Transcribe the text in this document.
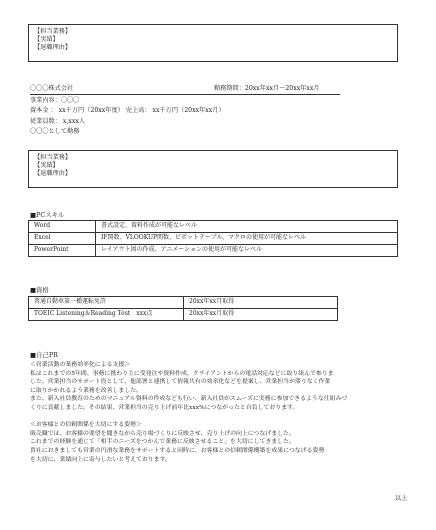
【担当業務】
【実績】
【退職理由】
〇〇〇株式会社	勤務期間：20xx年xx月～20xx年xx月
事業内容：〇〇〇
資本金 ： xx千万円（20xx年度） 売上高： xx千万円（20xx年xx月）
従業員数： x,xxx人
〇〇〇として勤務
【担当業務】
【実績】
【退職理由】
■PCスキル
Word	書式設定、資料作成が可能なレベル
Excel	IF関数、VLOOKUP関数、ピボットテーブル、マクロの使用が可能なレベル
PowerPoint	レイアウト図の作成、アニメーションの使用が可能なレベル
■資格
普通自動車第一種運転免許	20xx年xx月取得
TOEIC Listening＆Reading Test　xxx点	20xx年xx月取得
■自己PR
＜営業活動の業務効率化による支援＞
私はこれまでの5年間、事務に携わり主に受発注や資料作成、クライアントからの電話対応などに取り組んで参りま
した。営業担当のサポート役として、他部署と連携して情報共有の効率化などを提案し、営業担当が滞りなく作業
に取りかかれるよう業務を改善しました。
また、新入社員教育のためのマニュアル資料の作成なども行い、新入社員がスムーズに実務に参加できるような仕組みづ
くりに貢献しました。その結果、営業担当の売り上げ前年比xxx%につながったと自負しております。
＜お客様との信頼関係を大切にする姿勢＞
販売職では、お客様の要望を聞きながら売り場づくりに反映させ、売り上げの向上につなげました。
これまでの経験を通じて「相手のニーズをつかんで業務に反映させること」を大切にしてきました。
貴社におきましても営業の円滑な業務をサポートすると同時に、お客様との信頼関係構築を成果につなげる姿勢
を大切に、業績向上に寄与したいと考えております。
以上
